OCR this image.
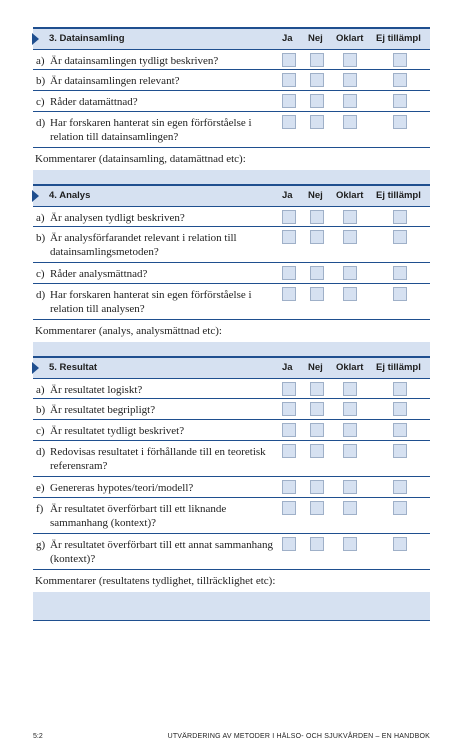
3. Datainsamling	Ja Nej Oklart Ej tillämpl
a) Är datainsamlingen tydligt beskriven?
b) Är datainsamlingen relevant?
c) Råder datamättnad?
d) Har forskaren hanterat sin egen förförståelse i relation till datainsamlingen?
Kommentarer (datainsamling, datamättnad etc):
4. Analys	Ja Nej Oklart Ej tillämpl
a) Är analysen tydligt beskriven?
b) Är analysförfarandet relevant i relation till datainsamlingsmetoden?
c) Råder analysmättnad?
d) Har forskaren hanterat sin egen förförståelse i relation till analysen?
Kommentarer (analys, analysmättnad etc):
5. Resultat	Ja Nej Oklart Ej tillämpl
a) Är resultatet logiskt?
b) Är resultatet begripligt?
c) Är resultatet tydligt beskrivet?
d) Redovisas resultatet i förhållande till en teoretisk referensram?
e) Genereras hypotes/teori/modell?
f) Är resultatet överförbart till ett liknande sammanhang (kontext)?
g) Är resultatet överförbart till ett annat sammanhang (kontext)?
Kommentarer (resultatens tydlighet, tillräcklighet etc):
5:2	UTVÄRDERING AV METODER I HÄLSO- OCH SJUKVÅRDEN – EN HANDBOK
